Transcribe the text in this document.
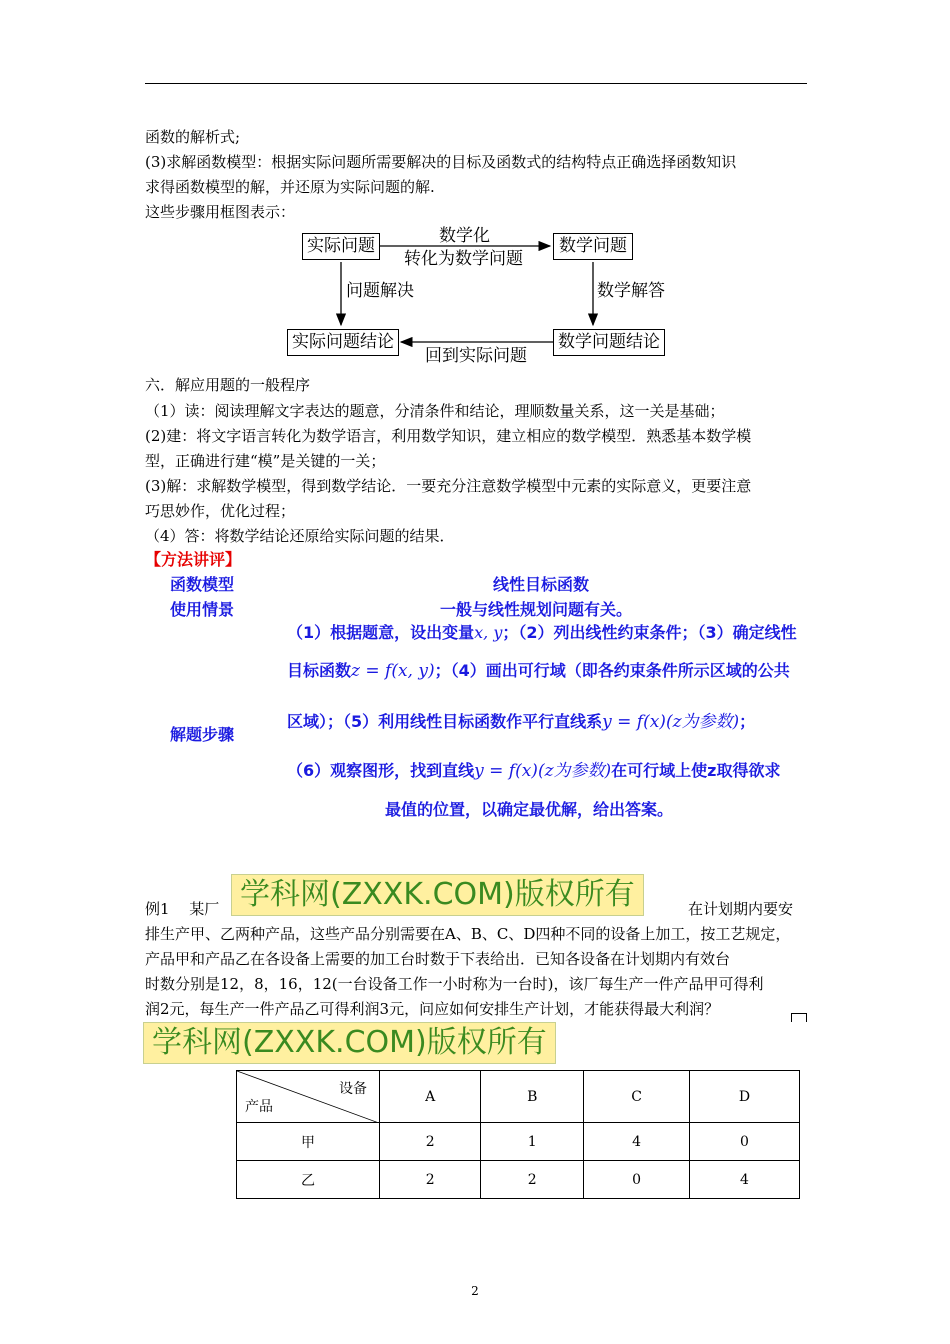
函数的解析式;
(3)求解函数模型：根据实际问题所需要解决的目标及函数式的结构特点正确选择函数知识
求得函数模型的解，并还原为实际问题的解.
这些步骤用框图表示：
实际问题	数学问题
实际问题结论	数学问题结论
数学化
转化为数学问题
问题解决	数学解答
回到实际问题
六．解应用题的一般程序
（1）读：阅读理解文字表达的题意，分清条件和结论，理顺数量关系，这一关是基础；
(2)建：将文字语言转化为数学语言，利用数学知识，建立相应的数学模型．熟悉基本数学模
型，正确进行建“模”是关键的一关；
(3)解：求解数学模型，得到数学结论．一要充分注意数学模型中元素的实际意义，更要注意
巧思妙作，优化过程；
（4）答：将数学结论还原给实际问题的结果．
【方法讲评】
函数模型	线性目标函数
使用情景	一般与线性规划问题有关。
（1）根据题意，设出变量x, y；（2）列出线性约束条件；（3）确定线性
目标函数z = f(x, y)；（4）画出可行域（即各约束条件所示区域的公共
解题步骤
区域）；（5）利用线性目标函数作平行直线系y = f(x)(z为参数)；
（6）观察图形，找到直线y = f(x)(z为参数)在可行域上使z取得欲求
最值的位置，以确定最优解，给出答案。
例1　 某厂 学科网(ZXXK.COM)版权所有	在计划期内要安
排生产甲、乙两种产品，这些产品分别需要在A、B、C、D四种不同的设备上加工，按工艺规定，
产品甲和产品乙在各设备上需要的加工台时数于下表给出．已知各设备在计划期内有效台
时数分别是12，8，16，12(一台设备工作一小时称为一台时)，该厂每生产一件产品甲可得利
润2元，每生产一件产品乙可得利润3元，问应如何安排生产计划，才能获得最大利润？
学科网(ZXXK.COM)版权所有
设备
产品	A	B	C	D
甲	2	1	4	0
乙	2	2	0	4
2
